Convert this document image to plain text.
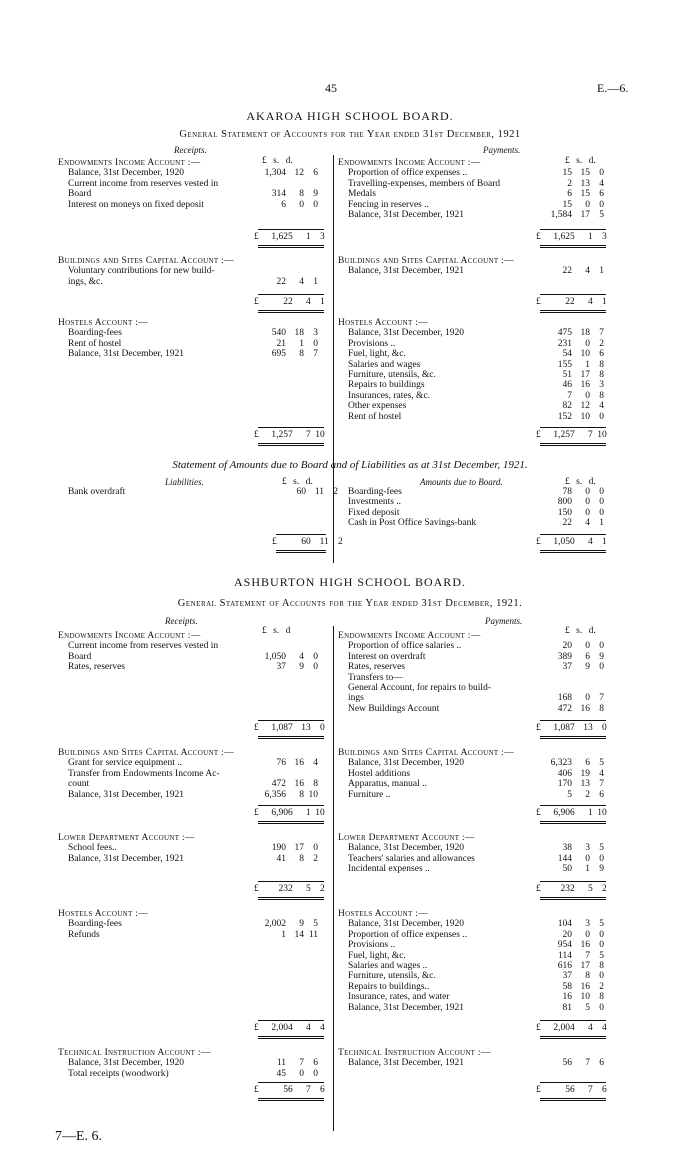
45	E.—6.
AKAROA HIGH SCHOOL BOARD.
General Statement of Accounts for the Year ended 31st December, 1921
Receipts.	Payments.
£ s. d.	£ s. d.
Endowments Income Account :—
Balance, 31st December, 1920	1,304 12 6
Current income from reserves vested in
Board	314 8 9
Interest on moneys on fixed deposit	6 0 0
£ 1,625 1 3
Endowments Income Account :—
Proportion of office expenses ..	15 15 0
Travelling-expenses, members of Board	2 13 4
Medals	6 15 6
Fencing in reserves ..	15 0 0
Balance, 31st December, 1921	1,584 17 5
£ 1,625 1 3
Buildings and Sites Capital Account :—
Voluntary contributions for new build-
ings, &c.	22 4 1
£	22 4 1
Buildings and Sites Capital Account :—
Balance, 31st December, 1921	22 4 1
£	22 4 1
Hostels Account :—
Boarding-fees	540 18 3
Rent of hostel	21 1 0
Balance, 31st December, 1921	695 8 7
£ 1,257 7 10
Hostels Account :—
Balance, 31st December, 1920	475 18 7
Provisions ..	231 0 2
Fuel, light, &c.	54 10 6
Salaries and wages	155 1 8
Furniture, utensils, &c.	51 17 8
Repairs to buildings	46 16 3
Insurances, rates, &c.	7 0 8
Other expenses	82 12 4
Rent of hostel	152 10 0
£ 1,257 7 10
Statement of Amounts due to Board and of Liabilities as at 31st December, 1921.
Liabilities.	Amounts due to Board.
£ s. d.	£ s. d.
Bank overdraft	60 11 2
£	60 11 2
Boarding-fees	78 0 0
Investments ..	800 0 0
Fixed deposit	150 0 0
Cash in Post Office Savings-bank	22 4 1
£ 1,050 4 1
ASHBURTON HIGH SCHOOL BOARD.
General Statement of Accounts for the Year ended 31st December, 1921.
Receipts.	Payments.
£ s. d	£ s. d.
Endowments Income Account :—
Current income from reserves vested in
Board	1,050 4 0
Rates, reserves	37 9 0
£ 1,087 13 0
Endowments Income Account :—
Proportion of office salaries ..	20 0 0
Interest on overdraft	389 6 9
Rates, reserves	37 9 0
Transfers to—
General Account, for repairs to build-
ings	168 0 7
New Buildings Account	472 16 8
£ 1,087 13 0
Buildings and Sites Capital Account :—
Grant for service equipment ..	76 16 4
Transfer from Endowments Income Ac-
count	472 16 8
Balance, 31st December, 1921	6,356 8 10
£ 6,906 1 10
Buildings and Sites Capital Account :—
Balance, 31st December, 1920	6,323 6 5
Hostel additions	406 19 4
Apparatus, manual ..	170 13 7
Furniture ..	5 2 6
£ 6,906 1 10
Lower Department Account :—
School fees..	190 17 0
Balance, 31st December, 1921	41 8 2
£ 232 5 2
Lower Department Account :—
Balance, 31st December, 1920	38 3 5
Teachers' salaries and allowances	144 0 0
Incidental expenses ..	50 1 9
£ 232 5 2
Hostels Account :—
Boarding-fees	2,002 9 5
Refunds	1 14 11
£ 2,004 4 4
Hostels Account :—
Balance, 31st December, 1920	104 3 5
Proportion of office expenses ..	20 0 0
Provisions ..	954 16 0
Fuel, light, &c.	114 7 5
Salaries and wages ..	616 17 8
Furniture, utensils, &c.	37 8 0
Repairs to buildings..	58 16 2
Insurance, rates, and water	16 10 8
Balance, 31st December, 1921	81 5 0
£ 2,004 4 4
Technical Instruction Account :—
Balance, 31st December, 1920	11 7 6
Total receipts (woodwork)	45 0 0
£	56 7 6
Technical Instruction Account :—
Balance, 31st December, 1921	56 7 6
£	56 7 6
7—E. 6.
